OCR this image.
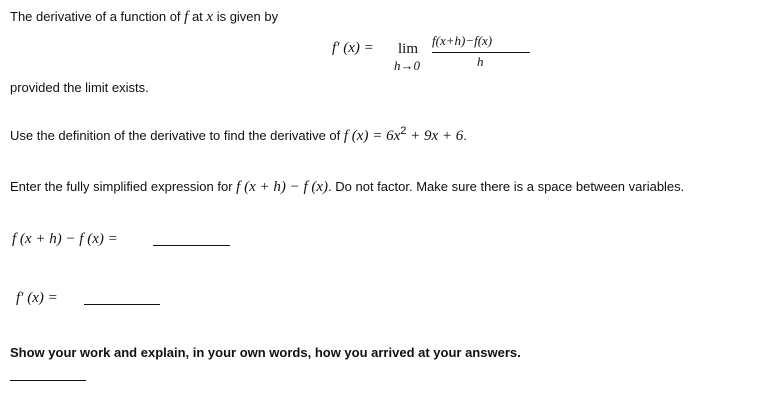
The derivative of a function of f at x is given by
f′ (x) = lim
h→0
f(x+h)−f(x)
h
provided the limit exists.
Use the definition of the derivative to find the derivative of f $(x) = 6x^2 + 9x + 6$.
Enter the fully simplified expression for f (x + h) − f (x). Do not factor. Make sure there is a space between variables.
f (x + h) − f (x) =
f′ (x) =
Show your work and explain, in your own words, how you arrived at your answers.
